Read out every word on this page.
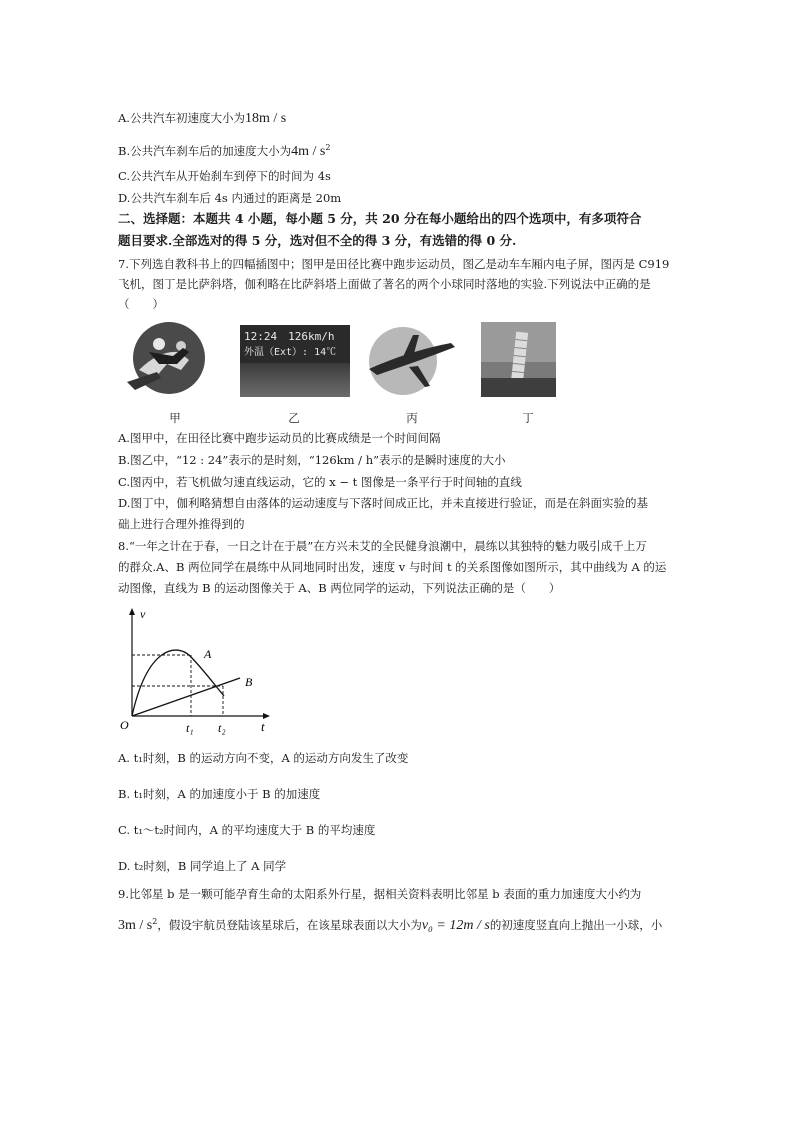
A.公共汽车初速度大小为18m / s
B.公共汽车刹车后的加速度大小为$4m / s^2$
C.公共汽车从开始刹车到停下的时间为 4s
D.公共汽车刹车后 4s 内通过的距离是 20m
二、选择题：本题共 4 小题，每小题 5 分，共 20 分在每小题给出的四个选项中，有多项符合
题目要求.全部选对的得 5 分，选对但不全的得 3 分，有选错的得 0 分.
7.下列选自教科书上的四幅插图中；图甲是田径比赛中跑步运动员，图乙是动车车厢内电子屏，图丙是 C919
飞机，图丁是比萨斜塔，伽利略在比萨斜塔上面做了著名的两个小球同时落地的实验.下列说法中正确的是
（　　）
12:24　126km/h
外温（Ext）: 14℃
甲	乙	丙	丁
A.图甲中，在田径比赛中跑步运动员的比赛成绩是一个时间间隔
B.图乙中，“12 : 24”表示的是时刻，“126km / h”表示的是瞬时速度的大小
C.图丙中，若飞机做匀速直线运动，它的 x − t 图像是一条平行于时间轴的直线
D.图丁中，伽利略猜想自由落体的运动速度与下落时间成正比，并未直接进行验证，而是在斜面实验的基
础上进行合理外推得到的
8.“一年之计在于春，一日之计在于晨”在方兴未艾的全民健身浪潮中，晨练以其独特的魅力吸引成千上万
的群众.A、B 两位同学在晨练中从同地同时出发，速度 v 与时间 t 的关系图像如图所示，其中曲线为 A 的运
动图像，直线为 B 的运动图像关于 A、B 两位同学的运动，下列说法正确的是（　　）
v
t
O
A
B
t₁ t₂
A. t₁时刻，B 的运动方向不变，A 的运动方向发生了改变
B. t₁时刻，A 的加速度小于 B 的加速度
C. t₁～t₂时间内，A 的平均速度大于 B 的平均速度
D. t₂时刻，B 同学追上了 A 同学
9.比邻星 b 是一颗可能孕育生命的太阳系外行星，据相关资料表明比邻星 b 表面的重力加速度大小约为
$3m / s^2$，假设宇航员登陆该星球后，在该星球表面以大小为v₀ = 12m / s的初速度竖直向上抛出一小球，小
